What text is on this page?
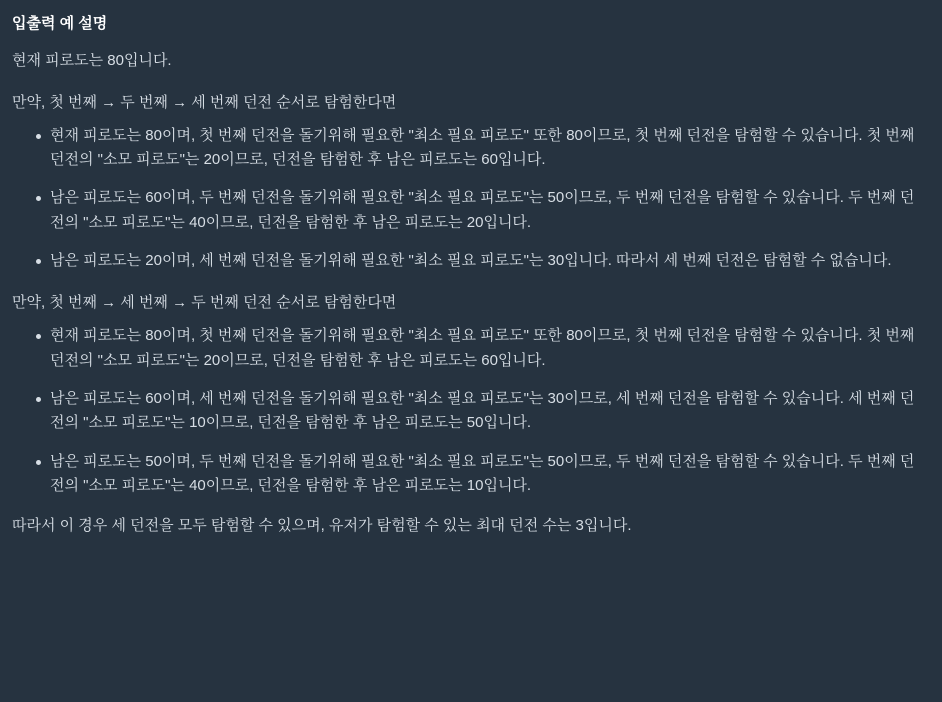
입출력 예 설명

현재 피로도는 80입니다.

만약, 첫 번째 → 두 번째 → 세 번째 던전 순서로 탐험한다면

현재 피로도는 80이며, 첫 번째 던전을 돌기위해 필요한 "최소 필요 피로도" 또한 80이므로, 첫 번째 던전을 탐험할 수 있습니다. 첫 번째 던전의 "소모 피로도"는 20이므로, 던전을 탐험한 후 남은 피로도는 60입니다.
남은 피로도는 60이며, 두 번째 던전을 돌기위해 필요한 "최소 필요 피로도"는 50이므로, 두 번째 던전을 탐험할 수 있습니다. 두 번째 던전의 "소모 피로도"는 40이므로, 던전을 탐험한 후 남은 피로도는 20입니다.
남은 피로도는 20이며, 세 번째 던전을 돌기위해 필요한 "최소 필요 피로도"는 30입니다. 따라서 세 번째 던전은 탐험할 수 없습니다.

만약, 첫 번째 → 세 번째 → 두 번째 던전 순서로 탐험한다면

현재 피로도는 80이며, 첫 번째 던전을 돌기위해 필요한 "최소 필요 피로도" 또한 80이므로, 첫 번째 던전을 탐험할 수 있습니다. 첫 번째 던전의 "소모 피로도"는 20이므로, 던전을 탐험한 후 남은 피로도는 60입니다.
남은 피로도는 60이며, 세 번째 던전을 돌기위해 필요한 "최소 필요 피로도"는 30이므로, 세 번째 던전을 탐험할 수 있습니다. 세 번째 던전의 "소모 피로도"는 10이므로, 던전을 탐험한 후 남은 피로도는 50입니다.
남은 피로도는 50이며, 두 번째 던전을 돌기위해 필요한 "최소 필요 피로도"는 50이므로, 두 번째 던전을 탐험할 수 있습니다. 두 번째 던전의 "소모 피로도"는 40이므로, 던전을 탐험한 후 남은 피로도는 10입니다.

따라서 이 경우 세 던전을 모두 탐험할 수 있으며, 유저가 탐험할 수 있는 최대 던전 수는 3입니다.
